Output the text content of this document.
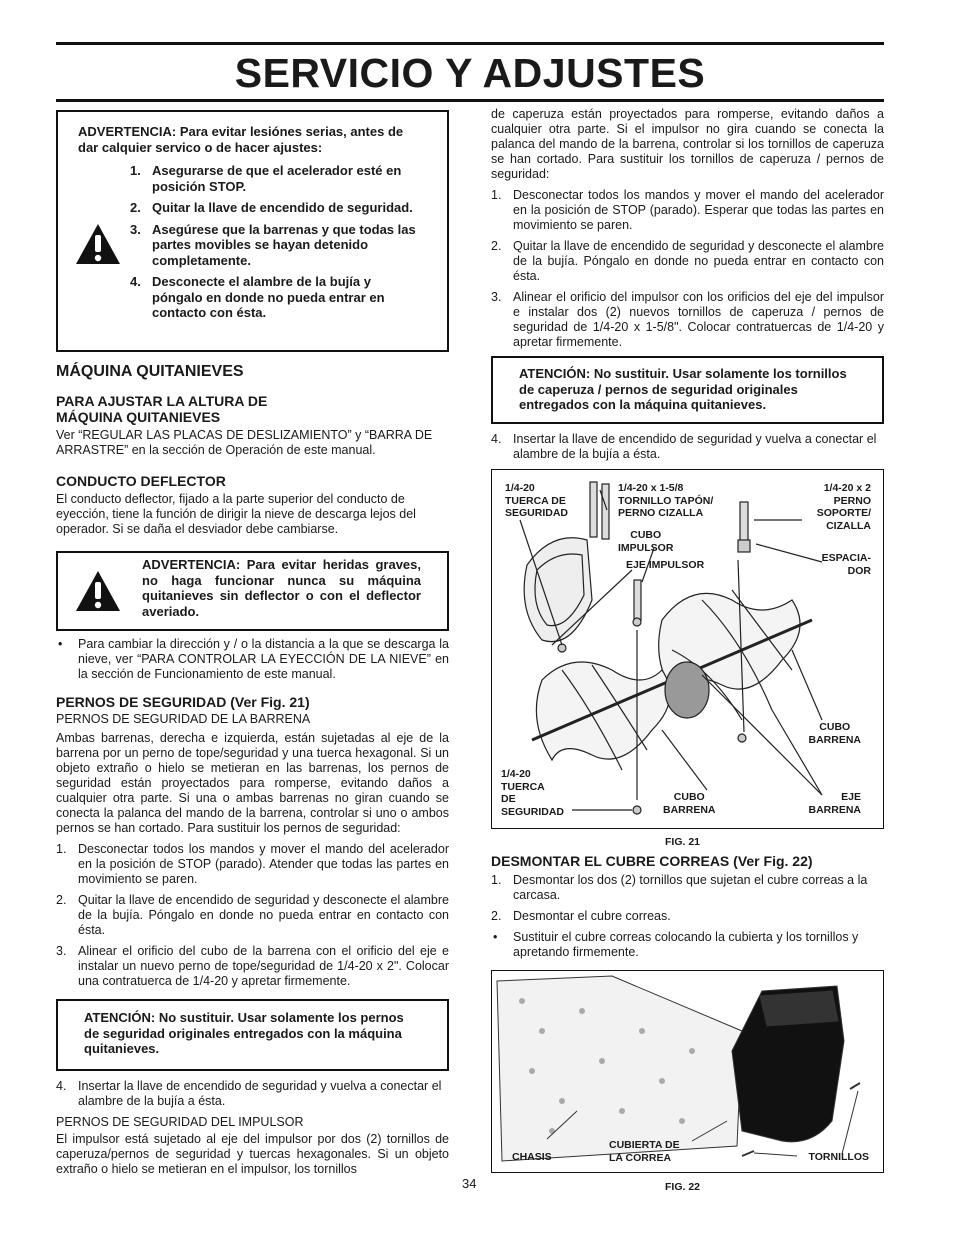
SERVICIO Y ADJUSTES
ADVERTENCIA: Para evitar lesiónes serias, antes de dar calquier servico o de hacer ajustes:
1. Asegurarse de que el acelerador esté en posición STOP.
2. Quitar la llave de encendido de seguridad.
3. Asegúrese que la barrenas y que todas las partes movibles se hayan detenido completamente.
4. Desconecte el alambre de la bujía y póngalo en donde no pueda entrar en contacto con ésta.
MÁQUINA QUITANIEVES
PARA AJUSTAR LA ALTURA DE MÁQUINA QUITANIEVES

Ver “REGULAR LAS PLACAS DE DESLIZAMIENTO” y “BARRA DE ARRASTRE” en la sección de Operación de este manual.

CONDUCTO DEFLECTOR

El conducto deflector, fijado a la parte superior del conducto de eyección, tiene la función de dirigir la nieve de descarga lejos del operador. Si se daña el desviador debe cambiarse.

ADVERTENCIA: Para evitar heridas graves, no haga funcionar nunca su máquina quitanieves sin deflector o con el deflector averiado.
• Para cambiar la dirección y / o la distancia a la que se descarga la nieve, ver “PARA CONTROLAR LA EYECCIÓN DE LA NIEVE” en la sección de Funcionamiento de este manual.
PERNOS DE SEGURIDAD (Ver Fig. 21)

PERNOS DE SEGURIDAD DE LA BARRENA

Ambas barrenas, derecha e izquierda, están sujetadas al eje de la barrena por un perno de tope/seguridad y una tuerca hexagonal. Si un objeto extraño o hielo se metieran en las barrenas, los pernos de seguridad están proyectados para romperse, evitando daños a cualquier otra parte. Si una o ambas barrenas no giran cuando se conecta la palanca del mando de la barrena, controlar si uno o ambos pernos se han cortado. Para sustituir los pernos de seguridad:

1. Desconectar todos los mandos y mover el mando del acelerador en la posición de STOP (parado). Atender que todas las partes en movimiento se paren.
2. Quitar la llave de encendido de seguridad y desconecte el alambre de la bujía. Póngalo en donde no pueda entrar en contacto con ésta.
3. Alinear el orificio del cubo de la barrena con el orificio del eje e instalar un nuevo perno de tope/seguridad de 1/4-20 x 2". Colocar una contratuerca de 1/4-20 y apretar firmemente.
ATENCIÓN: No sustituir. Usar solamente los pernos de seguridad originales entregados con la máquina quitanieves.
4. Insertar la llave de encendido de seguridad y vuelva a conectar el alambre de la bujía a ésta.

PERNOS DE SEGURIDAD DEL IMPULSOR

El impulsor está sujetado al eje del impulsor por dos (2) tornillos de caperuza/pernos de seguridad y tuercas hexagonales. Si un objeto extraño o hielo se metieran en el impulsor, los tornillos

34

de caperuza están proyectados para romperse, evitando daños a cualquier otra parte. Si el impulsor no gira cuando se conecta la palanca del mando de la barrena, controlar si los tornillos de caperuza se han cortado. Para sustituir los tornillos de caperuza / pernos de seguridad:

1. Desconectar todos los mandos y mover el mando del acelerador en la posición de STOP (parado). Esperar que todas las partes en movimiento se paren.
2. Quitar la llave de encendido de seguridad y desconecte el alambre de la bujía. Póngalo en donde no pueda entrar en contacto con ésta.
3. Alinear el orificio del impulsor con los orificios del eje del impulsor e instalar dos (2) nuevos tornillos de caperuza / pernos de seguridad de 1/4-20 x 1-5/8". Colocar contratuercas de 1/4-20 y apretar firmemente.
ATENCIÓN: No sustituir. Usar solamente los tornillos de caperuza / pernos de seguridad originales entregados con la máquina quitanieves.
4. Insertar la llave de encendido de seguridad y vuelva a conectar el alambre de la bujía a ésta.
1/4-20
TUERCA DE
SEGURIDAD
1/4-20 x 1-5/8
TORNILLO TAPÓN/
PERNO CIZALLA
1/4-20 x 2
PERNO
SOPORTE/
CIZALLA
CUBO
IMPULSOR
EJE IMPULSOR
ESPACIA-
DOR
CUBO
BARRENA
1/4-20
TUERCA
DE
SEGURIDAD
CUBO
BARRENA
EJE
BARRENA
FIG. 21
DESMONTAR EL CUBRE CORREAS (Ver Fig. 22)
1. Desmontar los dos (2) tornillos que sujetan el cubre correas a la carcasa.
2. Desmontar el cubre correas.
• Sustituir el cubre correas colocando la cubierta y los tornillos y apretando firmemente.
CHASIS
CUBIERTA DE
LA CORREA	TORNILLOS
FIG. 22
